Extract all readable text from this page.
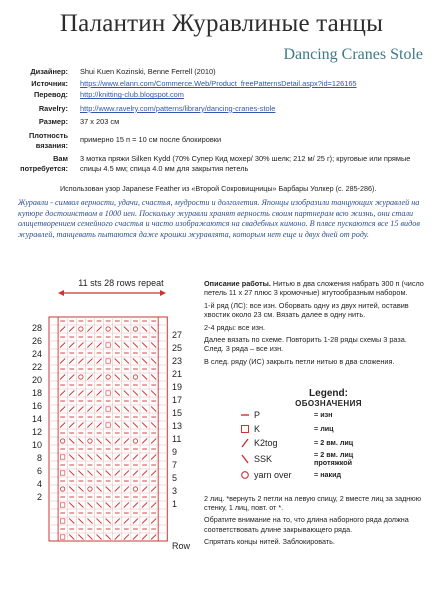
Палантин Журавлиные танцы
Dancing Cranes Stole
Дизайнер:	Shui Kuen Kozinski, Benne Ferrell (2010)
Источник:	https://www.elann.com/Commerce.Web/Product_freePatternsDetail.aspx?id=126165
Перевод:	http://knitting-club.blogspot.com
Ravelry:	http://www.ravelry.com/patterns/library/dancing-cranes-stole
Размер:	37 x 203 см
Плотность вязания:
примерно 15 п = 10 см после блокировки
Вам потребуется:
3 мотка пряжи Silken Kydd (70% Супер Кид мохер/ 30% шелк; 212 м/ 25 г); круговые или прямые спицы 4.5 мм; спица 4.0 мм для закрытия петель
Использован узор Japanese Feather из «Второй Сокровищницы» Барбары Уолкер (с. 285-286).
Журавли - символ верности, удачи, счастья, мудрости и долголетия. Японцы изобразили танцующих журавлей на купюре достоинством в 1000 иен. Поскольку журавли хранят верность своим партнерам всю жизнь, они стали олицетворением семейного счастья и часто изображаются на свадебных кимоно. В плясе пускаются все 15 видов журавлей, танцевать пытаются даже крошки журавлята, которым нет еще и двух дней от роду.
11 sts 28 rows repeat
28
26
24
22
20
18
16
14
12
10
8
6
4
2
27
25
23
21
19
17
15
13
11
9
7
5
3
1
Row

Описание работы. Нитью в два сложения набрать 300 п (число петель 11 х 27 плюс 3 кромочные) жгутообразным набором.

1-й ряд (ЛС): все изн. Оборвать одну из двух нитей, оставив хвостик около 23 см. Вязать далее в одну нить.

2-4 ряды: все изн.

Далее вязать по схеме. Повторить 1-28 ряды схемы 3 раза. След. 3 ряда – все изн.

В след. ряду (ИС) закрыть петли нитью в два сложения.

Legend:
ОБОЗНАЧЕНИЯ
P	= изн
K	= лиц
K2tog	= 2 вм. лиц
SSK	= 2 вм. лиц протяжкой
yarn over	= накид

2 лиц. *вернуть 2 петли на левую спицу, 2 вместе лиц за заднюю стенку, 1 лиц, повт. от *.

Обратите внимание на то, что длина наборного ряда должна соответствовать длине закрывающего ряда.

Спрятать концы нитей. Заблокировать.
